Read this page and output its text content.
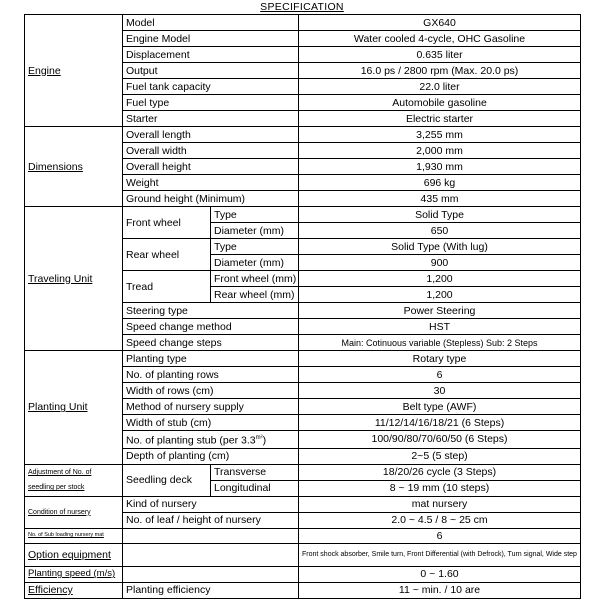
SPECIFICATION
Engine	Model		GX640
	Engine Model		Water cooled 4-cycle, OHC Gasoline
	Displacement		0.635 liter
	Output		16.0 ps / 2800 rpm (Max. 20.0 ps)
	Fuel tank capacity		22.0 liter
	Fuel type		Automobile gasoline
	Starter		Electric starter
Dimensions	Overall length		3,255 mm
	Overall width		2,000 mm
	Overall height		1,930 mm
	Weight		696 kg
	Ground height (Minimum)		435 mm
Traveling Unit	Front wheel	Type	Solid Type
		Diameter (mm)	650
	Rear wheel	Type	Solid Type (With lug)
		Diameter (mm)	900
	Tread	Front wheel (mm)	1,200
		Rear wheel (mm)	1,200
	Steering type		Power Steering
	Speed change method		HST
	Speed change steps		Main: Cotinuous variable (Stepless) Sub: 2 Steps
Planting Unit	Planting type		Rotary type
	No. of planting rows		6
	Width of rows (cm)		30
	Method of nursery supply		Belt type (AWF)
	Width of stub (cm)		11/12/14/16/18/21 (6 Steps)
	No. of planting stub (per $3.3^{m^2}$)		100/90/80/70/60/50 (6 Steps)
	Depth of planting (cm)		2~5 (5 step)
Adjustment of No. of
seedling per stock	Seedling deck	Transverse	18/20/26 cycle (3 Steps)
		Longitudinal	8 ~ 19 mm (10 steps)
Condition of nursery	Kind of nursery		mat nursery
	No. of leaf / height of nursery		2.0 ~ 4.5 / 8 ~ 25 cm
No. of Sub loading nursery mat			6
Option equipment			Front shock absorber, Smile turn, Front Differential (with Defrock), Turn signal, Wide step
Planting speed (m/s)			0 ~ 1.60
Efficiency	Planting efficiency		11 ~ min. / 10 are
